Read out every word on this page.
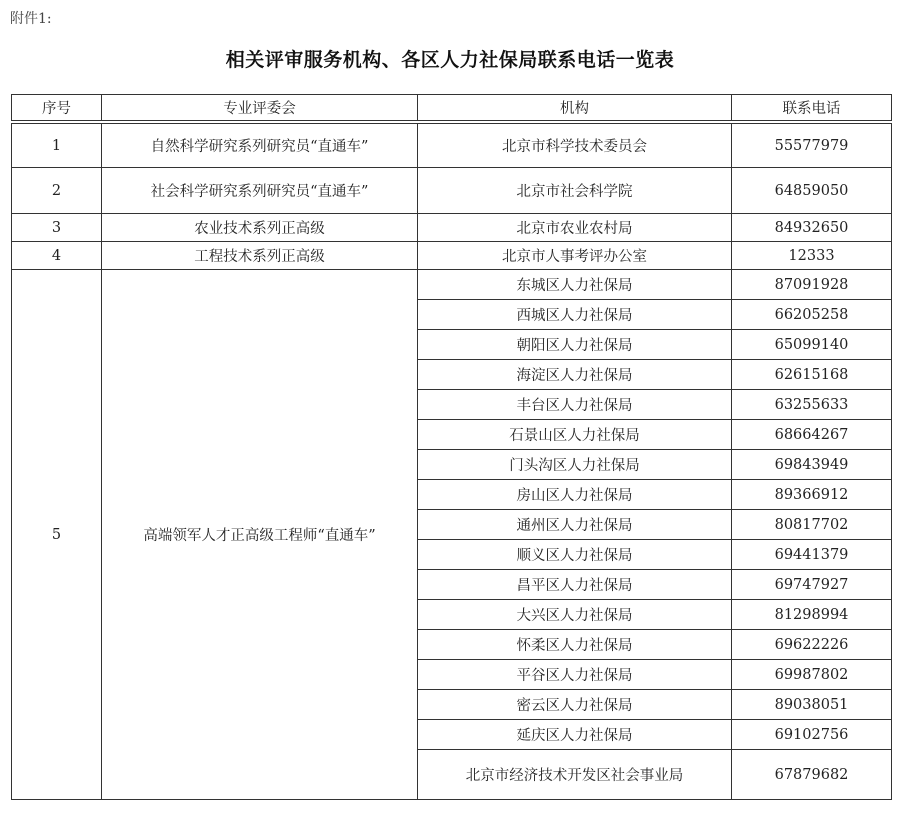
附件1:
相关评审服务机构、各区人力社保局联系电话一览表
序号	专业评委会	机构	联系电话

1	自然科学研究系列研究员“直通车”	北京市科学技术委员会	55577979
2	社会科学研究系列研究员“直通车”	北京市社会科学院	64859050
3	农业技术系列正高级	北京市农业农村局	84932650
4	工程技术系列正高级	北京市人事考评办公室	12333
5	高端领军人才正高级工程师“直通车”	东城区人力社保局	87091928
		西城区人力社保局	66205258
		朝阳区人力社保局	65099140
		海淀区人力社保局	62615168
		丰台区人力社保局	63255633
		石景山区人力社保局	68664267
		门头沟区人力社保局	69843949
		房山区人力社保局	89366912
		通州区人力社保局	80817702
		顺义区人力社保局	69441379
		昌平区人力社保局	69747927
		大兴区人力社保局	81298994
		怀柔区人力社保局	69622226
		平谷区人力社保局	69987802
		密云区人力社保局	89038051
		延庆区人力社保局	69102756
		北京市经济技术开发区社会事业局	67879682
